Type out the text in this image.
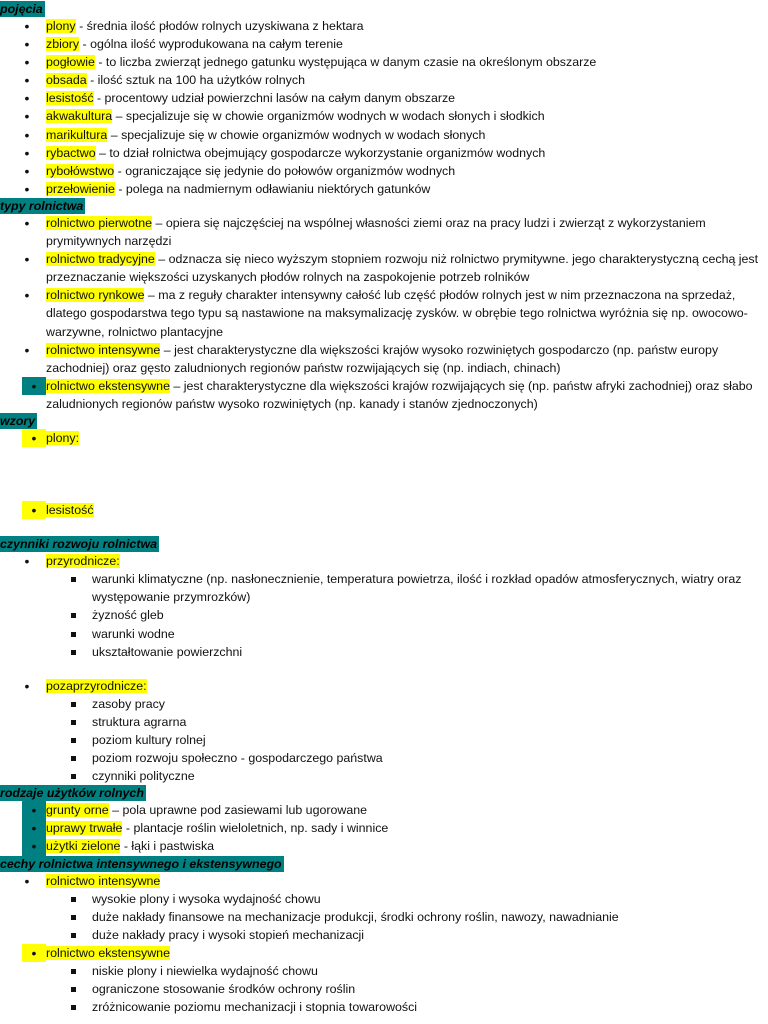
pojęcia
• plony - średnia ilość płodów rolnych uzyskiwana z hektara
• zbiory - ogólna ilość wyprodukowana na całym terenie
• pogłowie - to liczba zwierząt jednego gatunku występująca w danym czasie na określonym obszarze
• obsada - ilość sztuk na 100 ha użytków rolnych
• lesistość - procentowy udział powierzchni lasów na całym danym obszarze
• akwakultura – specjalizuje się w chowie organizmów wodnych w wodach słonych i słodkich
• marikultura – specjalizuje się w chowie organizmów wodnych w wodach słonych
• rybactwo – to dział rolnictwa obejmujący gospodarcze wykorzystanie organizmów wodnych
• rybołówstwo - ograniczające się jedynie do połowów organizmów wodnych
• przełowienie - polega na nadmiernym odławianiu niektórych gatunków
typy rolnictwa
• rolnictwo pierwotne – opiera się najczęściej na wspólnej własności ziemi oraz na pracy ludzi i zwierząt z wykorzystaniem prymitywnych narzędzi
• rolnictwo tradycyjne – odznacza się nieco wyższym stopniem rozwoju niż rolnictwo prymitywne. jego charakterystyczną cechą jest przeznaczanie większości uzyskanych płodów rolnych na zaspokojenie potrzeb rolników
• rolnictwo rynkowe – ma z reguły charakter intensywny całość lub część płodów rolnych jest w nim przeznaczona na sprzedaż, dlatego gospodarstwa tego typu są nastawione na maksymalizację zysków. w obrębie tego rolnictwa wyróżnia się np. owocowo-warzywne, rolnictwo plantacyjne
• rolnictwo intensywne – jest charakterystyczne dla większości krajów wysoko rozwiniętych gospodarczo (np. państw europy zachodniej) oraz gęsto zaludnionych regionów państw rozwijających się (np. indiach, chinach)
• rolnictwo ekstensywne – jest charakterystyczne dla większości krajów rozwijających się (np. państw afryki zachodniej) oraz słabo zaludnionych regionów państw wysoko rozwiniętych (np. kanady i stanów zjednoczonych)
wzory
• plony:
• lesistość
czynniki rozwoju rolnictwa
• przyrodnicze:
warunki klimatyczne (np. nasłonecznienie, temperatura powietrza, ilość i rozkład opadów atmosferycznych, wiatry oraz występowanie przymrozków)
żyzność gleb
warunki wodne
ukształtowanie powierzchni
• pozaprzyrodnicze:
zasoby pracy
struktura agrarna
poziom kultury rolnej
poziom rozwoju społeczno - gospodarczego państwa
czynniki polityczne
rodzaje użytków rolnych
• grunty orne – pola uprawne pod zasiewami lub ugorowane
• uprawy trwałe - plantacje roślin wieloletnich, np. sady i winnice
• użytki zielone - łąki i pastwiska
cechy rolnictwa intensywnego i ekstensywnego
• rolnictwo intensywne
wysokie plony i wysoka wydajność chowu
duże nakłady finansowe na mechanizacje produkcji, środki ochrony roślin, nawozy, nawadnianie
duże nakłady pracy i wysoki stopień mechanizacji
• rolnictwo ekstensywne
niskie plony i niewielka wydajność chowu
ograniczone stosowanie środków ochrony roślin
zróżnicowanie poziomu mechanizacji i stopnia towarowości
